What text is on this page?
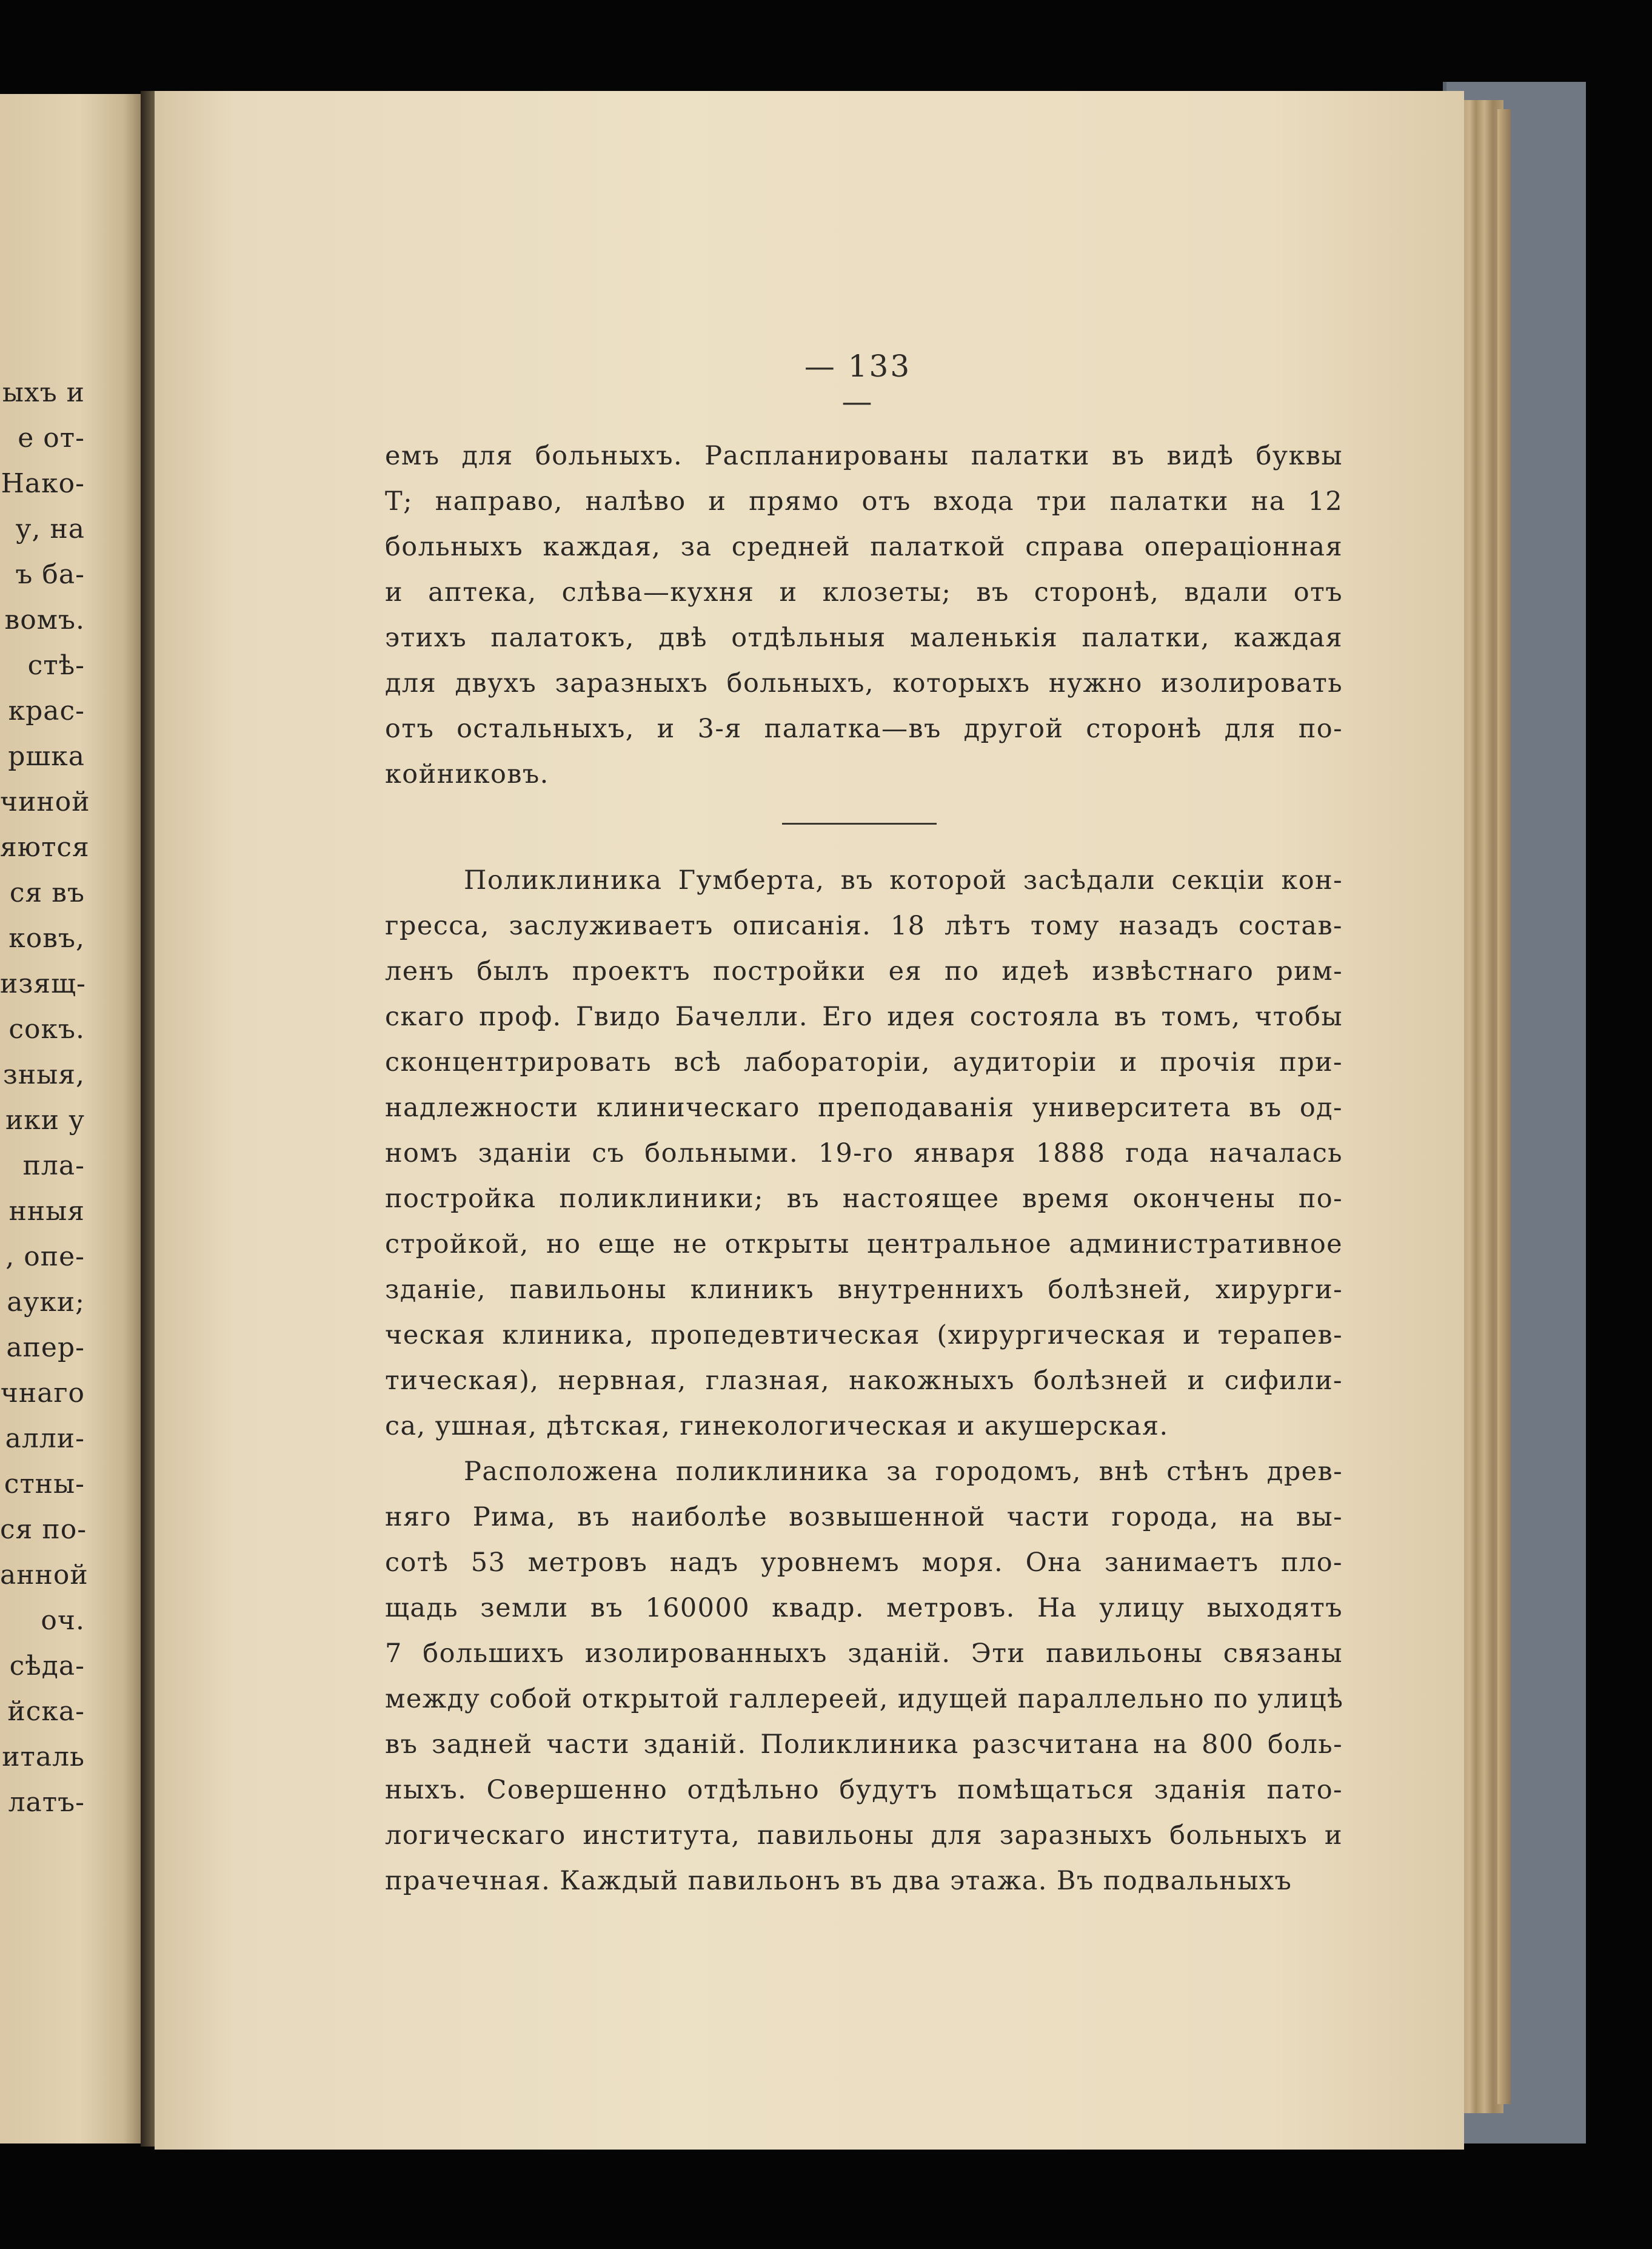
ыхъ и
е от-
Нако-
у, на
ъ ба-
вомъ.
стѣ-
крас-
ршка
чиной
яются
ся въ
ковъ,
изящ-
сокъ.
зныя,
ики у
пла-
нныя
, опе-
ауки;
апер-
чнаго
алли-
стны-
ся по-
анной
оч.
сѣда-
йска-
италь
латъ-
— 133 —
емъ для больныхъ. Распланированы палатки въ видѣ буквы
Т; направо, налѣво и прямо отъ входа три палатки на 12
больныхъ каждая, за средней палаткой справа операціонная
и аптека, слѣва—кухня и клозеты; въ сторонѣ, вдали отъ
этихъ палатокъ, двѣ отдѣльныя маленькія палатки, каждая
для двухъ заразныхъ больныхъ, которыхъ нужно изолировать
отъ остальныхъ, и 3-я палатка—въ другой сторонѣ для по-
койниковъ.
Поликлиника Гумберта, въ которой засѣдали секціи кон-
гресса, заслуживаетъ описанія. 18 лѣтъ тому назадъ состав-
ленъ былъ проектъ постройки ея по идеѣ извѣстнаго рим-
скаго проф. Гвидо Бачелли. Его идея состояла въ томъ, чтобы
сконцентрировать всѣ лабораторіи, аудиторіи и прочія при-
надлежности клиническаго преподаванія университета въ од-
номъ зданіи съ больными. 19-го января 1888 года началась
постройка поликлиники; въ настоящее время окончены по-
стройкой, но еще не открыты центральное административное
зданіе, павильоны клиникъ внутреннихъ болѣзней, хирурги-
ческая клиника, пропедевтическая (хирургическая и терапев-
тическая), нервная, глазная, накожныхъ болѣзней и сифили-
са, ушная, дѣтская, гинекологическая и акушерская.
Расположена поликлиника за городомъ, внѣ стѣнъ древ-
няго Рима, въ наиболѣе возвышенной части города, на вы-
сотѣ 53 метровъ надъ уровнемъ моря. Она занимаетъ пло-
щадь земли въ 160000 квадр. метровъ. На улицу выходятъ
7 большихъ изолированныхъ зданій. Эти павильоны связаны
между собой открытой галлереей, идущей параллельно по улицѣ
въ задней части зданій. Поликлиника разсчитана на 800 боль-
ныхъ. Совершенно отдѣльно будутъ помѣщаться зданія пато-
логическаго института, павильоны для заразныхъ больныхъ и
прачечная. Каждый павильонъ въ два этажа. Въ подвальныхъ
